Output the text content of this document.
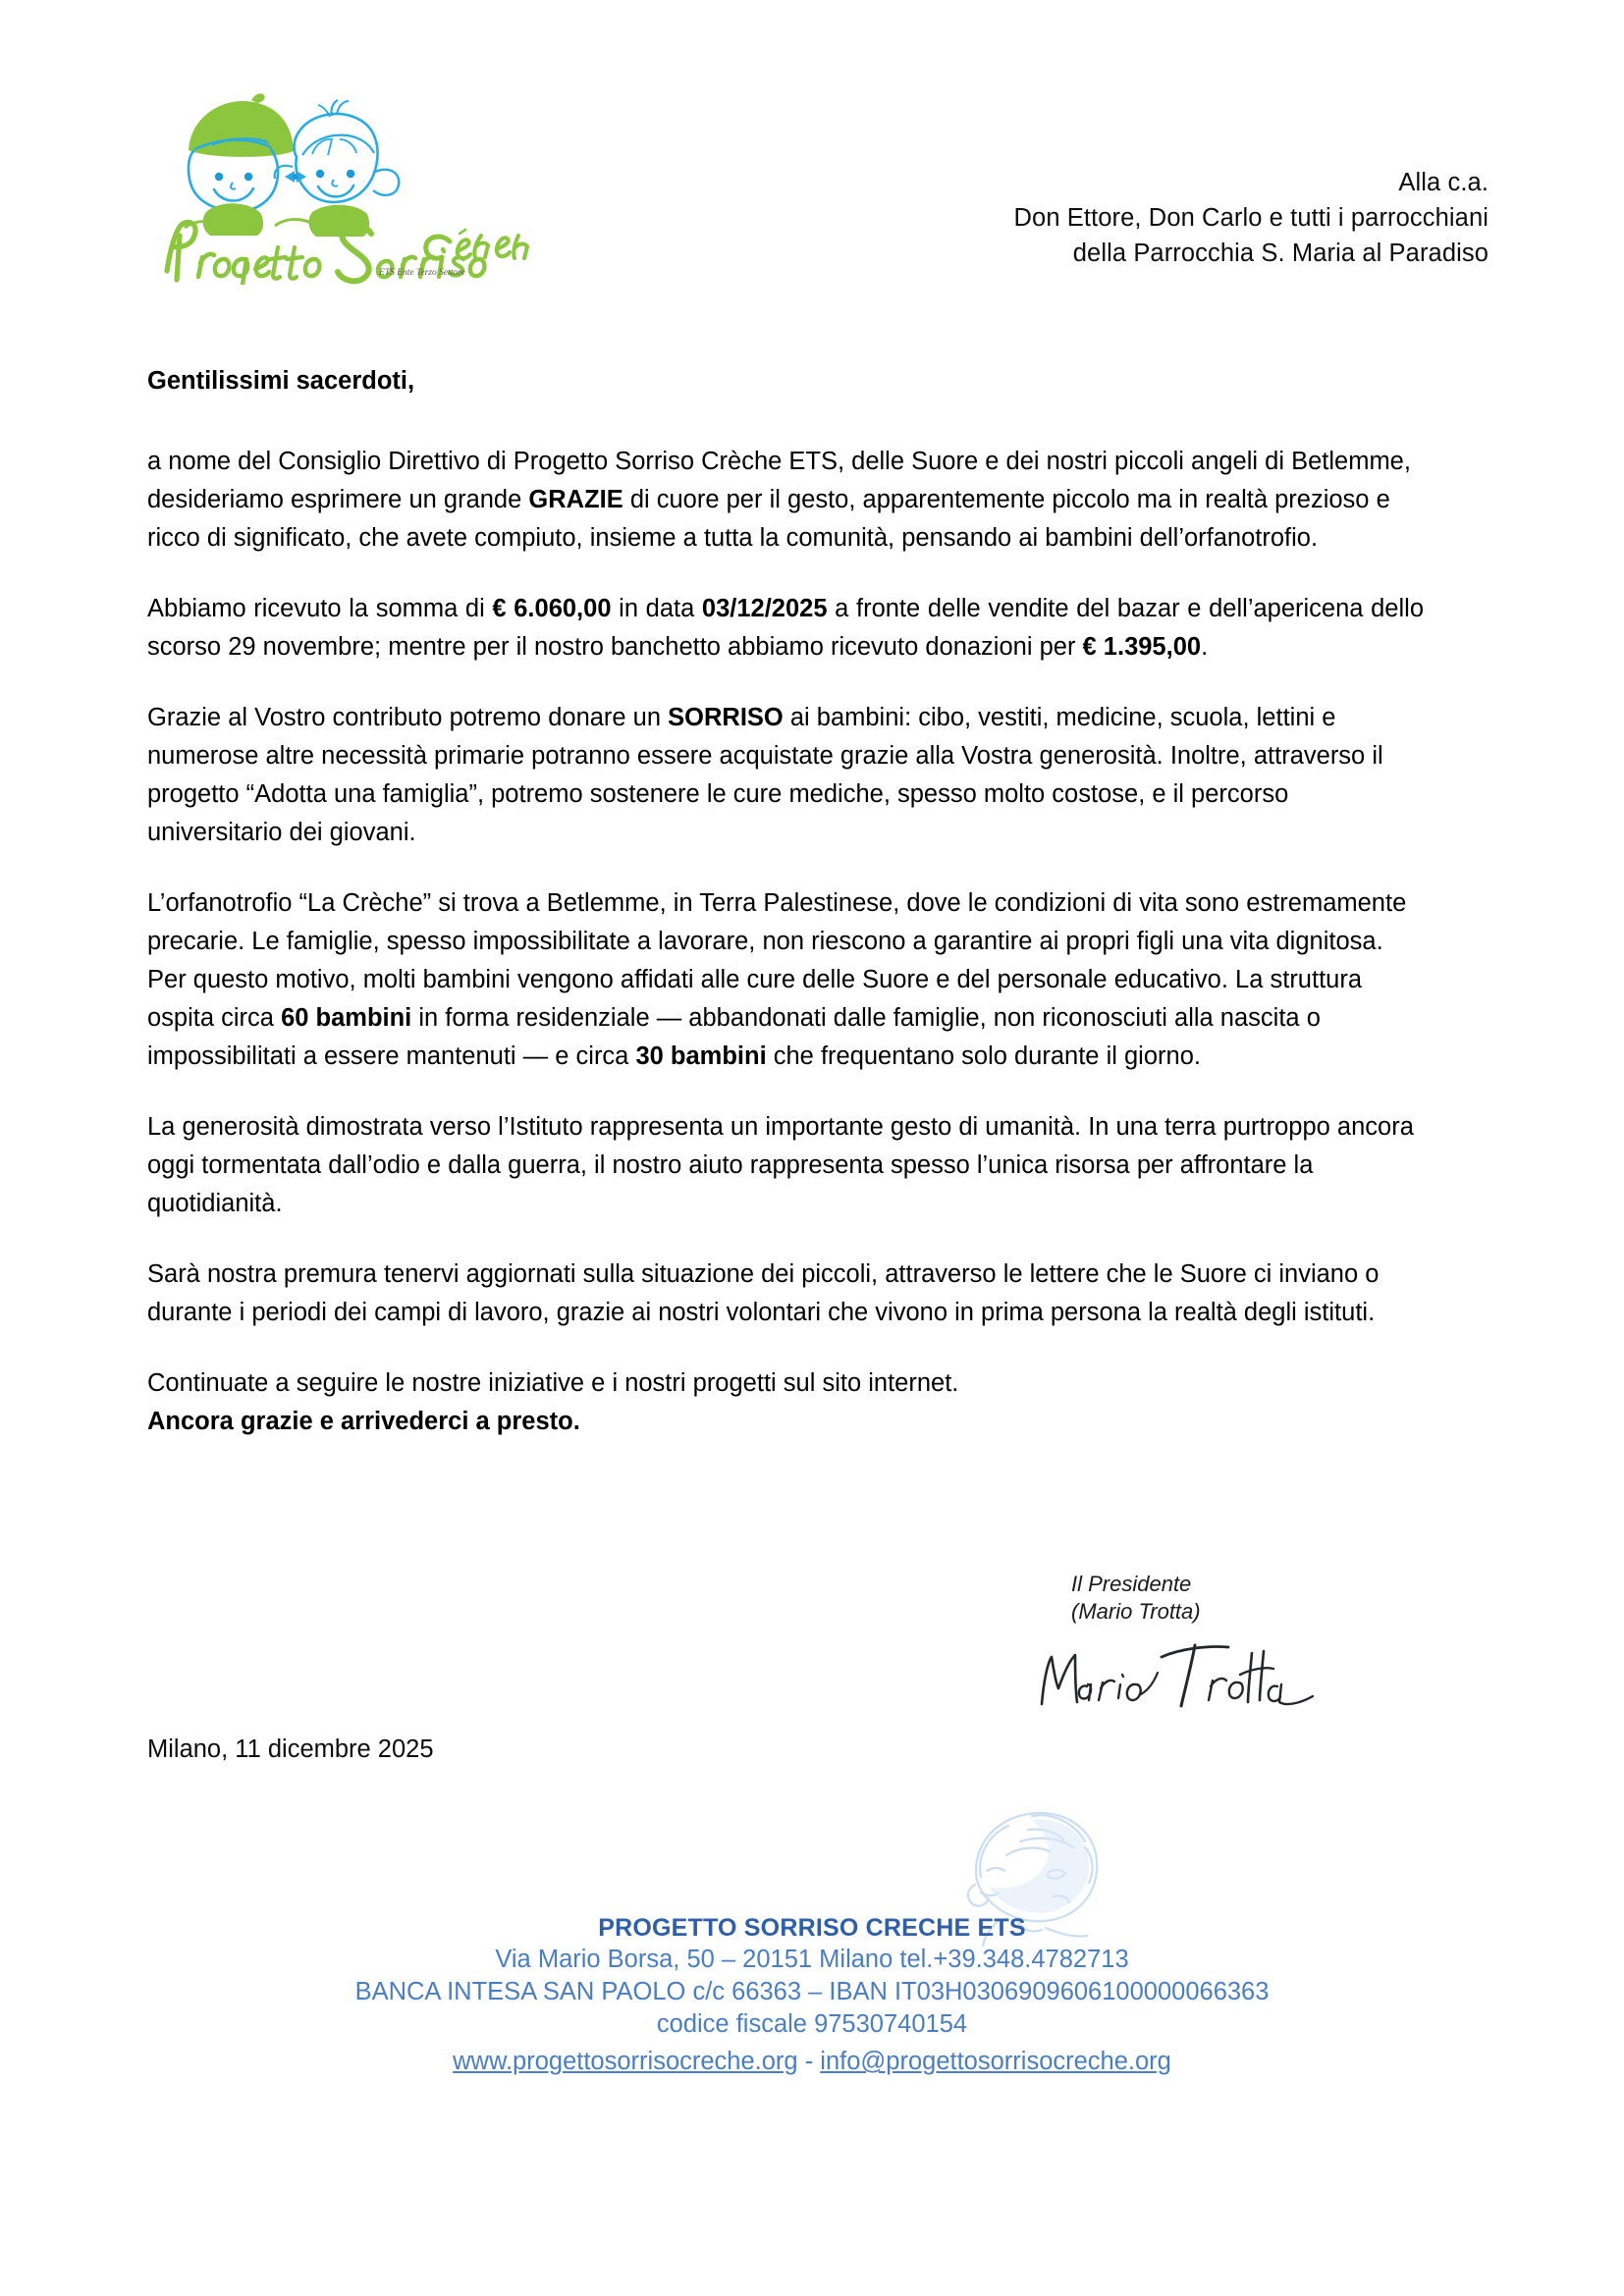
ETS Ente Terzo Settore
Alla c.a.
Don Ettore, Don Carlo e tutti i parrocchiani
della Parrocchia S. Maria al Paradiso
Gentilissimi sacerdoti,

a nome del Consiglio Direttivo di Progetto Sorriso Crèche ETS, delle Suore e dei nostri piccoli angeli di Betlemme, desideriamo esprimere un grande GRAZIE di cuore per il gesto, apparentemente piccolo ma in realtà prezioso e ricco di significato, che avete compiuto, insieme a tutta la comunità, pensando ai bambini dell’orfanotrofio.

Abbiamo ricevuto la somma di € 6.060,00 in data 03/12/2025 a fronte delle vendite del bazar e dell’apericena dello scorso 29 novembre; mentre per il nostro banchetto abbiamo ricevuto donazioni per € 1.395,00.

Grazie al Vostro contributo potremo donare un SORRISO ai bambini: cibo, vestiti, medicine, scuola, lettini e numerose altre necessità primarie potranno essere acquistate grazie alla Vostra generosità. Inoltre, attraverso il progetto “Adotta una famiglia”, potremo sostenere le cure mediche, spesso molto costose, e il percorso universitario dei giovani.

L’orfanotrofio “La Crèche” si trova a Betlemme, in Terra Palestinese, dove le condizioni di vita sono estremamente precarie. Le famiglie, spesso impossibilitate a lavorare, non riescono a garantire ai propri figli una vita dignitosa. Per questo motivo, molti bambini vengono affidati alle cure delle Suore e del personale educativo. La struttura ospita circa 60 bambini in forma residenziale — abbandonati dalle famiglie, non riconosciuti alla nascita o impossibilitati a essere mantenuti — e circa 30 bambini che frequentano solo durante il giorno.

La generosità dimostrata verso l’Istituto rappresenta un importante gesto di umanità. In una terra purtroppo ancora oggi tormentata dall’odio e dalla guerra, il nostro aiuto rappresenta spesso l’unica risorsa per affrontare la quotidianità.

Sarà nostra premura tenervi aggiornati sulla situazione dei piccoli, attraverso le lettere che le Suore ci inviano o durante i periodi dei campi di lavoro, grazie ai nostri volontari che vivono in prima persona la realtà degli istituti.

Continuate a seguire le nostre iniziative e i nostri progetti sul sito internet.

Ancora grazie e arrivederci a presto.

Il Presidente
(Mario Trotta)
Milano, 11 dicembre 2025
PROGETTO SORRISO CRECHE ETS
Via Mario Borsa, 50 – 20151 Milano tel.+39.348.4782713
BANCA INTESA SAN PAOLO c/c 66363 – IBAN IT03H0306909606100000066363
codice fiscale 97530740154
www.progettosorrisocreche.org - info@progettosorrisocreche.org
